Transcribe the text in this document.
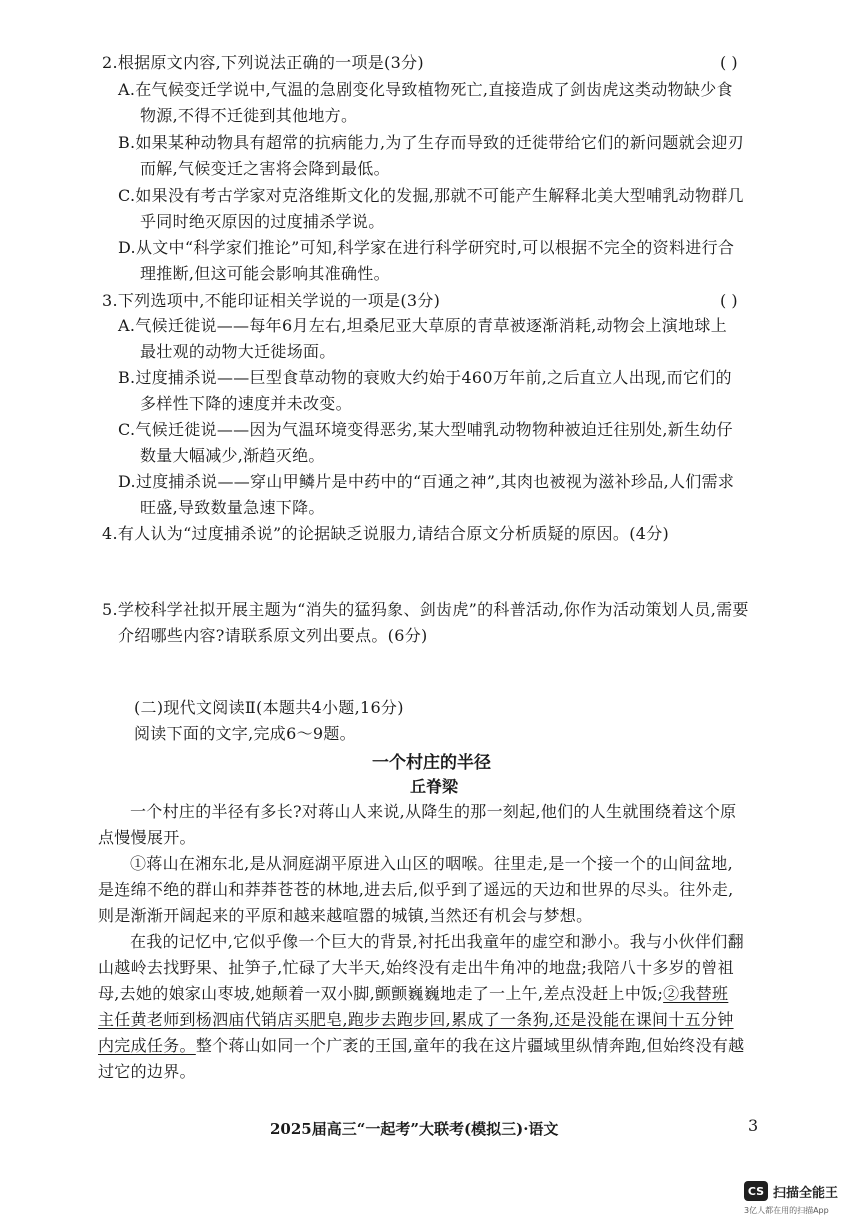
2.根据原文内容,下列说法正确的一项是(3分)	( )
A.在气候变迁学说中,气温的急剧变化导致植物死亡,直接造成了剑齿虎这类动物缺少食
物源,不得不迁徙到其他地方。
B.如果某种动物具有超常的抗病能力,为了生存而导致的迁徙带给它们的新问题就会迎刃
而解,气候变迁之害将会降到最低。
C.如果没有考古学家对克洛维斯文化的发掘,那就不可能产生解释北美大型哺乳动物群几
乎同时绝灭原因的过度捕杀学说。
D.从文中“科学家们推论”可知,科学家在进行科学研究时,可以根据不完全的资料进行合
理推断,但这可能会影响其准确性。
3.下列选项中,不能印证相关学说的一项是(3分)	( )
A.气候迁徙说——每年6月左右,坦桑尼亚大草原的青草被逐渐消耗,动物会上演地球上
最壮观的动物大迁徙场面。
B.过度捕杀说——巨型食草动物的衰败大约始于460万年前,之后直立人出现,而它们的
多样性下降的速度并未改变。
C.气候迁徙说——因为气温环境变得恶劣,某大型哺乳动物物种被迫迁往别处,新生幼仔
数量大幅减少,渐趋灭绝。
D.过度捕杀说——穿山甲鳞片是中药中的“百通之神”,其肉也被视为滋补珍品,人们需求
旺盛,导致数量急速下降。
4.有人认为“过度捕杀说”的论据缺乏说服力,请结合原文分析质疑的原因。(4分)
5.学校科学社拟开展主题为“消失的猛犸象、剑齿虎”的科普活动,你作为活动策划人员,需要
介绍哪些内容?请联系原文列出要点。(6分)
(二)现代文阅读Ⅱ(本题共4小题,16分)
阅读下面的文字,完成6～9题。
一个村庄的半径
丘脊梁
一个村庄的半径有多长?对蒋山人来说,从降生的那一刻起,他们的人生就围绕着这个原
点慢慢展开。
①蒋山在湘东北,是从洞庭湖平原进入山区的咽喉。往里走,是一个接一个的山间盆地,
是连绵不绝的群山和莽莽苍苍的林地,进去后,似乎到了遥远的天边和世界的尽头。往外走,
则是渐渐开阔起来的平原和越来越喧嚣的城镇,当然还有机会与梦想。
在我的记忆中,它似乎像一个巨大的背景,衬托出我童年的虚空和渺小。我与小伙伴们翻
山越岭去找野果、扯笋子,忙碌了大半天,始终没有走出牛角冲的地盘;我陪八十多岁的曾祖
母,去她的娘家山枣坡,她颠着一双小脚,颤颤巍巍地走了一上午,差点没赶上中饭;②我替班
主任黄老师到杨泗庙代销店买肥皂,跑步去跑步回,累成了一条狗,还是没能在课间十五分钟
内完成任务。整个蒋山如同一个广袤的王国,童年的我在这片疆域里纵情奔跑,但始终没有越
过它的边界。
2025届高三“一起考”大联考(模拟三)·语文	3
CS 扫描全能王
3亿人都在用的扫描App
